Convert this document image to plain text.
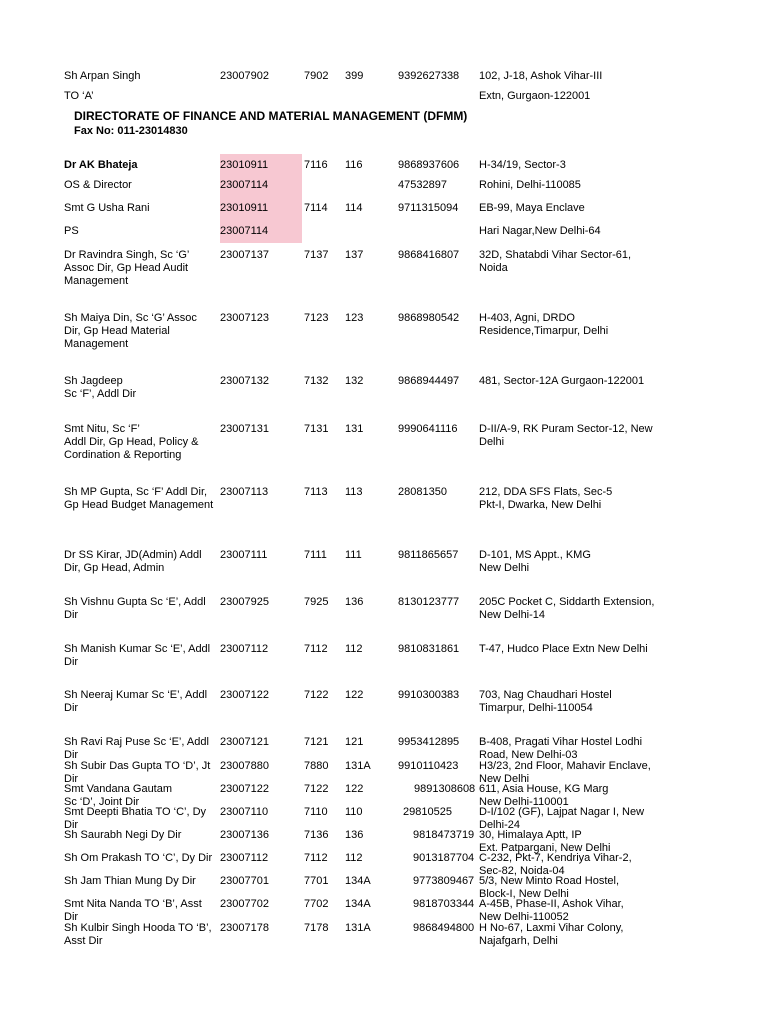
Sh Arpan Singh	23007902	7902 399	9392627338 102, J-18, Ashok Vihar-III
TO ‘A’	Extn, Gurgaon-122001
DIRECTORATE OF FINANCE AND MATERIAL MANAGEMENT (DFMM)
Fax No: 011-23014830
Dr AK Bhateja	23010911	7116 116	9868937606 H-34/19, Sector-3
OS & Director	23007114	47532897	Rohini, Delhi-110085
Smt G Usha Rani	23010911	7114 114	9711315094 EB-99, Maya Enclave
PS	23007114	Hari Nagar,New Delhi-64
Dr Ravindra Singh, Sc ‘G’ Assoc Dir, Gp Head Audit Management
23007137	7137 137	9868416807 32D, Shatabdi Vihar Sector-61, Noida
Sh Maiya Din, Sc ‘G’ Assoc Dir, Gp Head Material Management
23007123	7123 123	9868980542 H-403, Agni, DRDO Residence,Timarpur, Delhi
Sh Jagdeep
Sc ‘F’, Addl Dir
23007132	7132 132	9868944497 481, Sector-12A Gurgaon-122001
Smt Nitu, Sc ‘F’
Addl Dir, Gp Head, Policy &
Cordination & Reporting
23007131	7131 131	9990641116 D-II/A-9, RK Puram Sector-12, New Delhi
Sh MP Gupta, Sc ‘F’ Addl Dir, Gp Head Budget Management
23007113	7113 113	28081350	212, DDA SFS Flats, Sec-5
Pkt-I, Dwarka, New Delhi
Dr SS Kirar, JD(Admin) Addl Dir, Gp Head, Admin
23007111	7111 111	9811865657 D-101, MS Appt., KMG
New Delhi
Sh Vishnu Gupta Sc ‘E’, Addl Dir
23007925	7925 136	8130123777 205C Pocket C, Siddarth Extension, New Delhi-14
Sh Manish Kumar Sc ‘E’, Addl Dir
23007112	7112 112	9810831861 T-47, Hudco Place Extn New Delhi
Sh Neeraj Kumar Sc ‘E’, Addl Dir
23007122	7122 122	9910300383 703, Nag Chaudhari Hostel
Timarpur, Delhi-110054
Sh Ravi Raj Puse Sc ‘E’, Addl Dir
23007121	7121 121	9953412895 B-408, Pragati Vihar Hostel Lodhi Road, New Delhi-03
Sh Subir Das Gupta TO ‘D’, Jt Dir
23007880	7880 131A 9910110423 H3/23, 2nd Floor, Mahavir Enclave, New Delhi
Smt Vandana Gautam
Sc ‘D’, Joint Dir
23007122	7122 122	9891308608 611, Asia House, KG Marg
New Delhi-110001
Smt Deepti Bhatia TO ‘C’, Dy Dir
23007110	7110 110	29810525 D-I/102 (GF), Lajpat Nagar I, New Delhi-24
Sh Saurabh Negi Dy Dir	23007136	7136 136	9818473719 30, Himalaya Aptt, IP
Ext. Patpargani, New Delhi
Sh Om Prakash TO ‘C’, Dy Dir 23007112	7112 112	9013187704 C-232, Pkt-7, Kendriya Vihar-2,
Sec-82, Noida-04
Sh Jam Thian Mung Dy Dir	23007701	7701 134A	9773809467 5/3, New Minto Road Hostel,
Block-I, New Delhi
Smt Nita Nanda TO ‘B’, Asst Dir
23007702	7702 134A	9818703344 A-45B, Phase-II, Ashok Vihar,
New Delhi-110052
Sh Kulbir Singh Hooda TO ‘B’, Asst Dir
23007178	7178 131A	9868494800 H No-67, Laxmi Vihar Colony,
Najafgarh, Delhi
